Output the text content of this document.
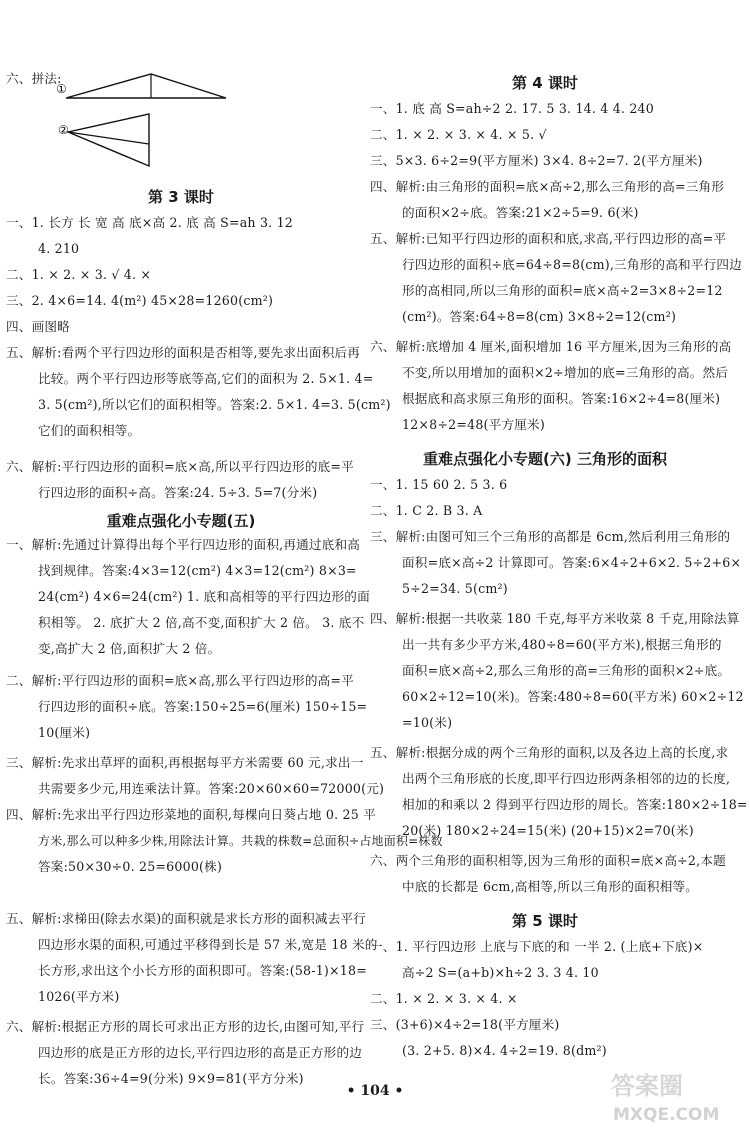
六、拼法:
①
②
第 3 课时
一、1. 长方 长 宽 高 底×高 2. 底 高 S=ah 3. 12
4. 210
二、1. × 2. × 3. √ 4. ×
三、2. 4×6=14. 4(m²) 45×28=1260(cm²)
四、画图略
五、解析:看两个平行四边形的面积是否相等,要先求出面积后再
比较。两个平行四边形等底等高,它们的面积为 2. 5×1. 4=
3. 5(cm²),所以它们的面积相等。答案:2. 5×1. 4=3. 5(cm²)
它们的面积相等。
六、解析:平行四边形的面积=底×高,所以平行四边形的底=平
行四边形的面积÷高。答案:24. 5÷3. 5=7(分米)
重难点强化小专题(五)
一、解析:先通过计算得出每个平行四边形的面积,再通过底和高
找到规律。答案:4×3=12(cm²) 4×3=12(cm²) 8×3=
24(cm²) 4×6=24(cm²) 1. 底和高相等的平行四边形的面
积相等。 2. 底扩大 2 倍,高不变,面积扩大 2 倍。 3. 底不
变,高扩大 2 倍,面积扩大 2 倍。
二、解析:平行四边形的面积=底×高,那么平行四边形的高=平
行四边形的面积÷底。答案:150÷25=6(厘米) 150÷15=
10(厘米)
三、解析:先求出草坪的面积,再根据每平方米需要 60 元,求出一
共需要多少元,用连乘法计算。答案:20×60×60=72000(元)
四、解析:先求出平行四边形菜地的面积,每棵向日葵占地 0. 25 平
方米,那么可以种多少株,用除法计算。共栽的株数=总面积÷占地面积=株数
答案:50×30÷0. 25=6000(株)
五、解析:求梯田(除去水渠)的面积就是求长方形的面积减去平行
四边形水渠的面积,可通过平移得到长是 57 米,宽是 18 米的
长方形,求出这个小长方形的面积即可。答案:(58-1)×18=
1026(平方米)
六、解析:根据正方形的周长可求出正方形的边长,由图可知,平行
四边形的底是正方形的边长,平行四边形的高是正方形的边
长。答案:36÷4=9(分米) 9×9=81(平方分米)
第 4 课时
一、1. 底 高 S=ah÷2 2. 17. 5 3. 14. 4 4. 240
二、1. × 2. × 3. × 4. × 5. √
三、5×3. 6÷2=9(平方厘米) 3×4. 8÷2=7. 2(平方厘米)
四、解析:由三角形的面积=底×高÷2,那么三角形的高=三角形
的面积×2÷底。答案:21×2÷5=9. 6(米)
五、解析:已知平行四边形的面积和底,求高,平行四边形的高=平
行四边形的面积÷底=64÷8=8(cm),三角形的高和平行四边
形的高相同,所以三角形的面积=底×高÷2=3×8÷2=12
(cm²)。答案:64÷8=8(cm) 3×8÷2=12(cm²)
六、解析:底增加 4 厘米,面积增加 16 平方厘米,因为三角形的高
不变,所以用增加的面积×2÷增加的底=三角形的高。然后
根据底和高求原三角形的面积。答案:16×2÷4=8(厘米)
12×8÷2=48(平方厘米)
重难点强化小专题(六) 三角形的面积
一、1. 15 60 2. 5 3. 6
二、1. C 2. B 3. A
三、解析:由图可知三个三角形的高都是 6cm,然后利用三角形的
面积=底×高÷2 计算即可。答案:6×4÷2+6×2. 5÷2+6×
5÷2=34. 5(cm²)
四、解析:根据一共收菜 180 千克,每平方米收菜 8 千克,用除法算
出一共有多少平方米,480÷8=60(平方米),根据三角形的
面积=底×高÷2,那么三角形的高=三角形的面积×2÷底。
60×2÷12=10(米)。答案:480÷8=60(平方米) 60×2÷12
=10(米)
五、解析:根据分成的两个三角形的面积,以及各边上高的长度,求
出两个三角形底的长度,即平行四边形两条相邻的边的长度,
相加的和乘以 2 得到平行四边形的周长。答案:180×2÷18=
20(米) 180×2÷24=15(米) (20+15)×2=70(米)
六、两个三角形的面积相等,因为三角形的面积=底×高÷2,本题
中底的长都是 6cm,高相等,所以三角形的面积相等。
第 5 课时
一、1. 平行四边形 上底与下底的和 一半 2. (上底+下底)×
高÷2 S=(a+b)×h÷2 3. 3 4. 10
二、1. × 2. × 3. × 4. ×
三、(3+6)×4÷2=18(平方厘米)
(3. 2+5. 8)×4. 4÷2=19. 8(dm²)
• 104 •	答案圈
MXQE.COM
